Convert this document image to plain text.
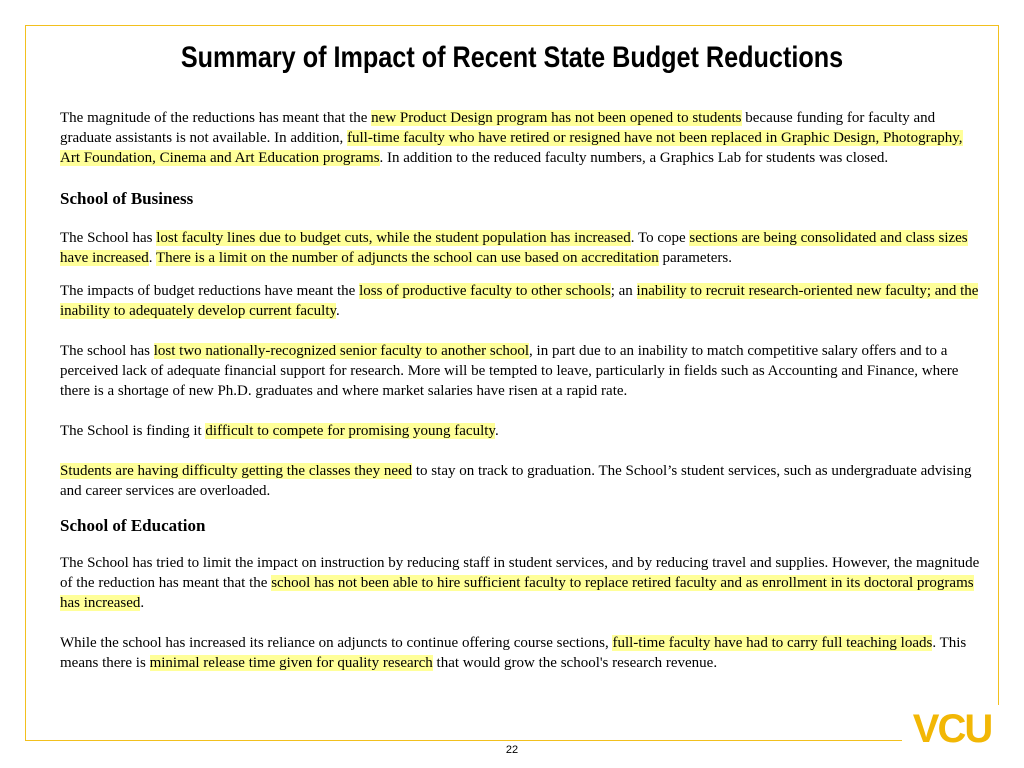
Summary of Impact of Recent State Budget Reductions

The magnitude of the reductions has meant that the new Product Design program has not been opened to students because funding for faculty and graduate assistants is not available. In addition, full-time faculty who have retired or resigned have not been replaced in Graphic Design, Photography, Art Foundation, Cinema and Art Education programs. In addition to the reduced faculty numbers, a Graphics Lab for students was closed.

School of Business

The School has lost faculty lines due to budget cuts, while the student population has increased. To cope sections are being consolidated and class sizes have increased. There is a limit on the number of adjuncts the school can use based on accreditation parameters.

The impacts of budget reductions have meant the loss of productive faculty to other schools; an inability to recruit research-oriented new faculty; and the inability to adequately develop current faculty.

The school has lost two nationally-recognized senior faculty to another school, in part due to an inability to match competitive salary offers and to a perceived lack of adequate financial support for research. More will be tempted to leave, particularly in fields such as Accounting and Finance, where there is a shortage of new Ph.D. graduates and where market salaries have risen at a rapid rate.

The School is finding it difficult to compete for promising young faculty.

Students are having difficulty getting the classes they need to stay on track to graduation. The School’s student services, such as undergraduate advising and career services are overloaded.

School of Education

The School has tried to limit the impact on instruction by reducing staff in student services, and by reducing travel and supplies. However, the magnitude of the reduction has meant that the school has not been able to hire sufficient faculty to replace retired faculty and as enrollment in its doctoral programs has increased.

While the school has increased its reliance on adjuncts to continue offering course sections, full-time faculty have had to carry full teaching loads. This means there is minimal release time given for quality research that would grow the school's research revenue.

VCU
22
